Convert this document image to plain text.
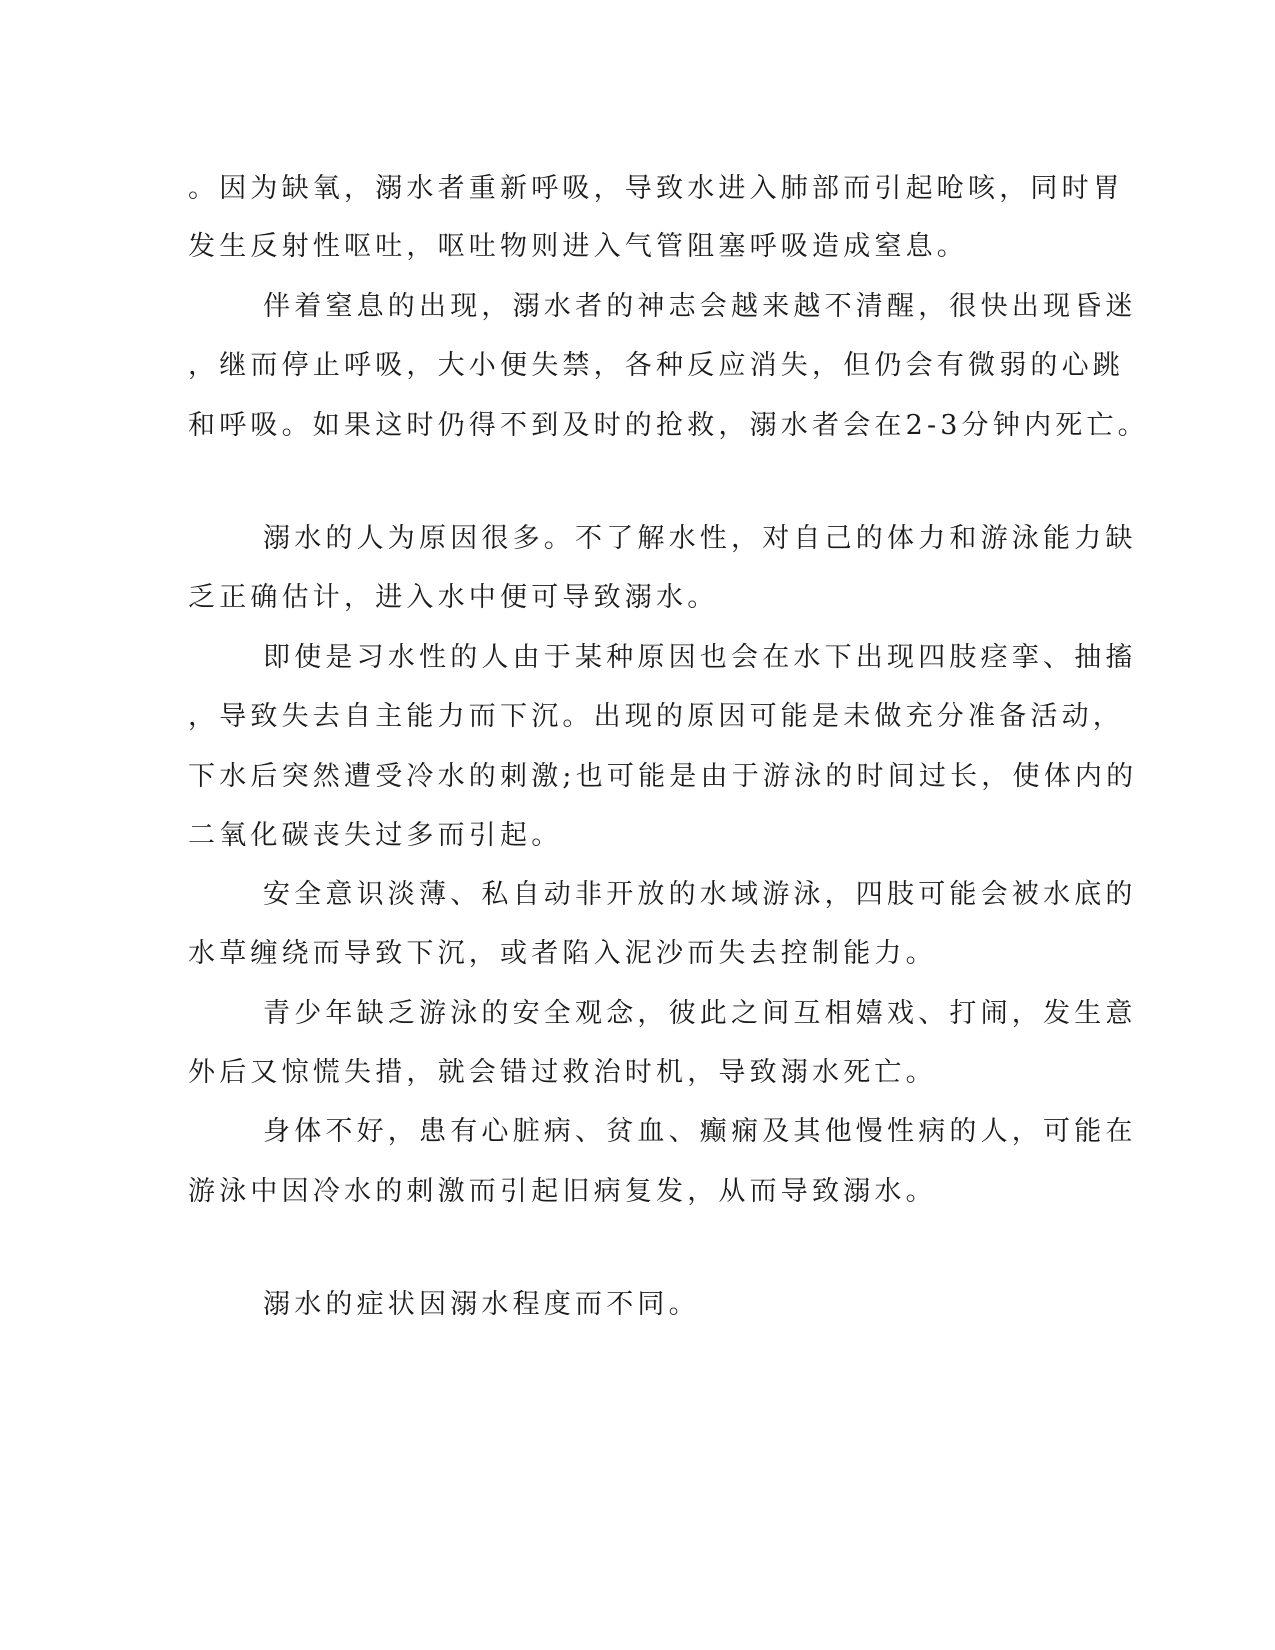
。因为缺氧，溺水者重新呼吸，导致水进入肺部而引起呛咳，同时胃
发生反射性呕吐，呕吐物则进入气管阻塞呼吸造成窒息。
伴着窒息的出现，溺水者的神志会越来越不清醒，很快出现昏迷
，继而停止呼吸，大小便失禁，各种反应消失，但仍会有微弱的心跳
和呼吸。如果这时仍得不到及时的抢救，溺水者会在2-3分钟内死亡。
溺水的人为原因很多。不了解水性，对自己的体力和游泳能力缺
乏正确估计，进入水中便可导致溺水。
即使是习水性的人由于某种原因也会在水下出现四肢痉挛、抽搐
，导致失去自主能力而下沉。出现的原因可能是未做充分准备活动，
下水后突然遭受冷水的刺激;也可能是由于游泳的时间过长，使体内的
二氧化碳丧失过多而引起。
安全意识淡薄、私自动非开放的水域游泳，四肢可能会被水底的
水草缠绕而导致下沉，或者陷入泥沙而失去控制能力。
青少年缺乏游泳的安全观念，彼此之间互相嬉戏、打闹，发生意
外后又惊慌失措，就会错过救治时机，导致溺水死亡。
身体不好，患有心脏病、贫血、癫痫及其他慢性病的人，可能在
游泳中因冷水的刺激而引起旧病复发，从而导致溺水。
溺水的症状因溺水程度而不同。
